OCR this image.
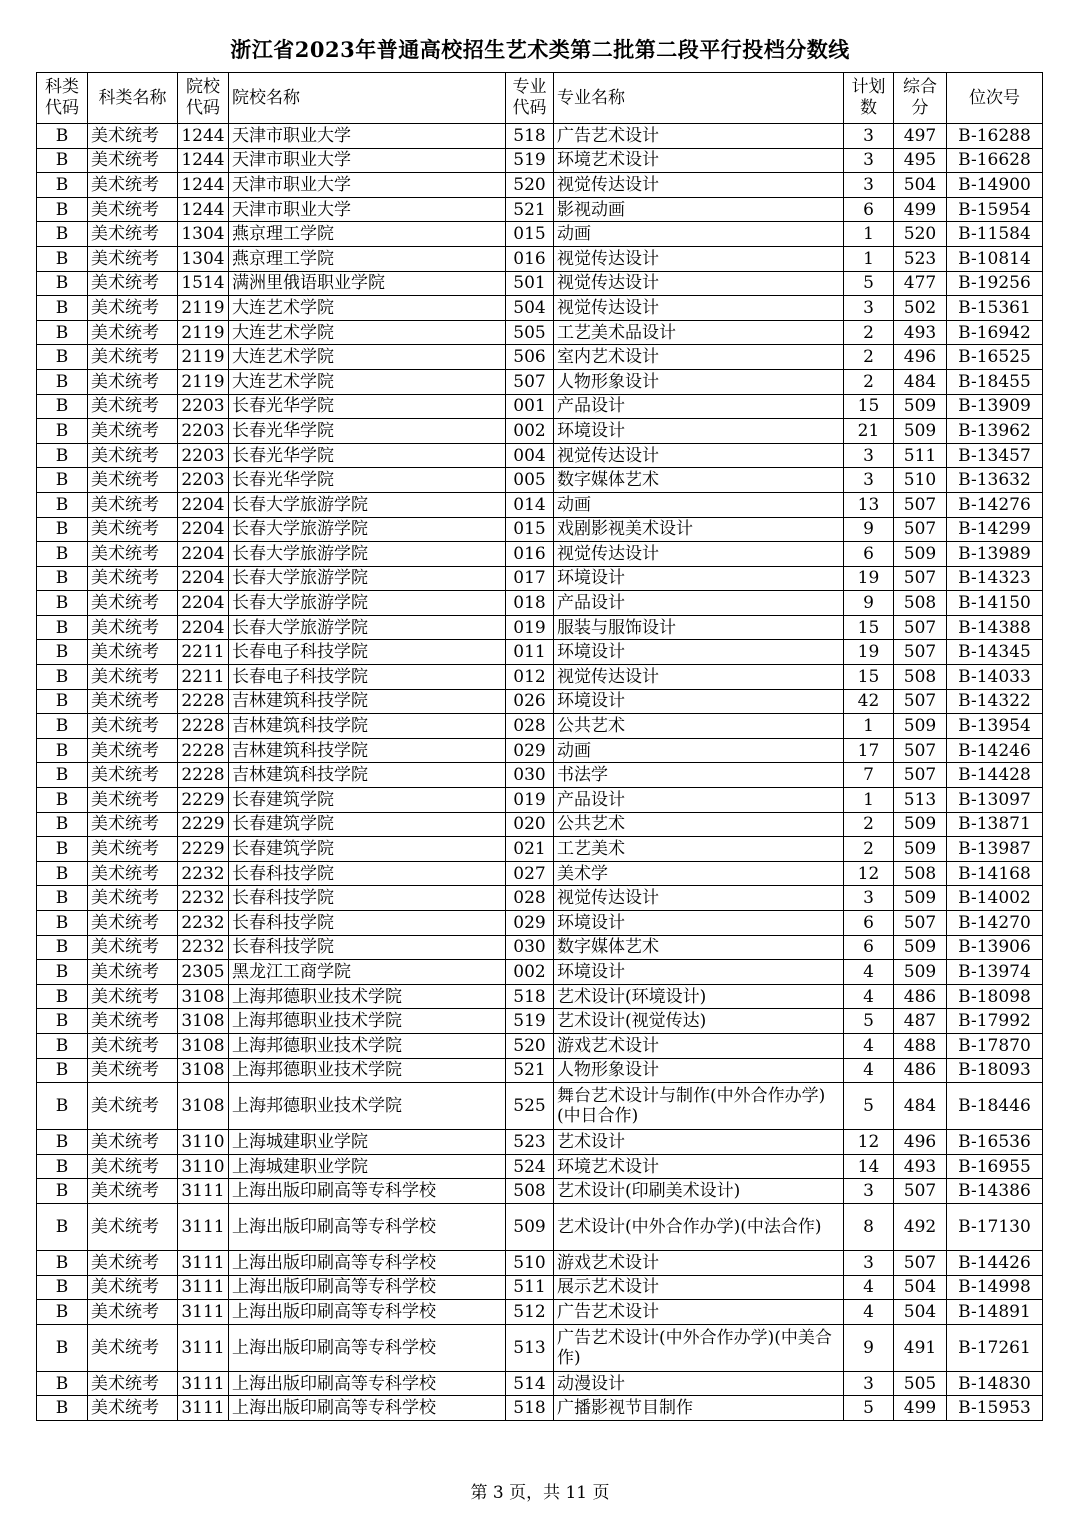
浙江省2023年普通高校招生艺术类第二批第二段平行投档分数线
科类代码	科类名称	院校代码	院校名称	专业代码	专业名称	计划数	综合分	位次号
B	美术统考	1244	天津市职业大学	518	广告艺术设计	3	497	B-16288
B	美术统考	1244	天津市职业大学	519	环境艺术设计	3	495	B-16628
B	美术统考	1244	天津市职业大学	520	视觉传达设计	3	504	B-14900
B	美术统考	1244	天津市职业大学	521	影视动画	6	499	B-15954
B	美术统考	1304	燕京理工学院	015	动画	1	520	B-11584
B	美术统考	1304	燕京理工学院	016	视觉传达设计	1	523	B-10814
B	美术统考	1514	满洲里俄语职业学院	501	视觉传达设计	5	477	B-19256
B	美术统考	2119	大连艺术学院	504	视觉传达设计	3	502	B-15361
B	美术统考	2119	大连艺术学院	505	工艺美术品设计	2	493	B-16942
B	美术统考	2119	大连艺术学院	506	室内艺术设计	2	496	B-16525
B	美术统考	2119	大连艺术学院	507	人物形象设计	2	484	B-18455
B	美术统考	2203	长春光华学院	001	产品设计	15	509	B-13909
B	美术统考	2203	长春光华学院	002	环境设计	21	509	B-13962
B	美术统考	2203	长春光华学院	004	视觉传达设计	3	511	B-13457
B	美术统考	2203	长春光华学院	005	数字媒体艺术	3	510	B-13632
B	美术统考	2204	长春大学旅游学院	014	动画	13	507	B-14276
B	美术统考	2204	长春大学旅游学院	015	戏剧影视美术设计	9	507	B-14299
B	美术统考	2204	长春大学旅游学院	016	视觉传达设计	6	509	B-13989
B	美术统考	2204	长春大学旅游学院	017	环境设计	19	507	B-14323
B	美术统考	2204	长春大学旅游学院	018	产品设计	9	508	B-14150
B	美术统考	2204	长春大学旅游学院	019	服装与服饰设计	15	507	B-14388
B	美术统考	2211	长春电子科技学院	011	环境设计	19	507	B-14345
B	美术统考	2211	长春电子科技学院	012	视觉传达设计	15	508	B-14033
B	美术统考	2228	吉林建筑科技学院	026	环境设计	42	507	B-14322
B	美术统考	2228	吉林建筑科技学院	028	公共艺术	1	509	B-13954
B	美术统考	2228	吉林建筑科技学院	029	动画	17	507	B-14246
B	美术统考	2228	吉林建筑科技学院	030	书法学	7	507	B-14428
B	美术统考	2229	长春建筑学院	019	产品设计	1	513	B-13097
B	美术统考	2229	长春建筑学院	020	公共艺术	2	509	B-13871
B	美术统考	2229	长春建筑学院	021	工艺美术	2	509	B-13987
B	美术统考	2232	长春科技学院	027	美术学	12	508	B-14168
B	美术统考	2232	长春科技学院	028	视觉传达设计	3	509	B-14002
B	美术统考	2232	长春科技学院	029	环境设计	6	507	B-14270
B	美术统考	2232	长春科技学院	030	数字媒体艺术	6	509	B-13906
B	美术统考	2305	黑龙江工商学院	002	环境设计	4	509	B-13974
B	美术统考	3108	上海邦德职业技术学院	518	艺术设计(环境设计)	4	486	B-18098
B	美术统考	3108	上海邦德职业技术学院	519	艺术设计(视觉传达)	5	487	B-17992
B	美术统考	3108	上海邦德职业技术学院	520	游戏艺术设计	4	488	B-17870
B	美术统考	3108	上海邦德职业技术学院	521	人物形象设计	4	486	B-18093
B	美术统考	3108	上海邦德职业技术学院	525	舞台艺术设计与制作(中外合作办学)(中日合作)	5	484	B-18446
B	美术统考	3110	上海城建职业学院	523	艺术设计	12	496	B-16536
B	美术统考	3110	上海城建职业学院	524	环境艺术设计	14	493	B-16955
B	美术统考	3111	上海出版印刷高等专科学校	508	艺术设计(印刷美术设计)	3	507	B-14386
B	美术统考	3111	上海出版印刷高等专科学校	509	艺术设计(中外合作办学)(中法合作)	8	492	B-17130
B	美术统考	3111	上海出版印刷高等专科学校	510	游戏艺术设计	3	507	B-14426
B	美术统考	3111	上海出版印刷高等专科学校	511	展示艺术设计	4	504	B-14998
B	美术统考	3111	上海出版印刷高等专科学校	512	广告艺术设计	4	504	B-14891
B	美术统考	3111	上海出版印刷高等专科学校	513	广告艺术设计(中外合作办学)(中美合作)	9	491	B-17261
B	美术统考	3111	上海出版印刷高等专科学校	514	动漫设计	3	505	B-14830
B	美术统考	3111	上海出版印刷高等专科学校	518	广播影视节目制作	5	499	B-15953
第 3 页，共 11 页
